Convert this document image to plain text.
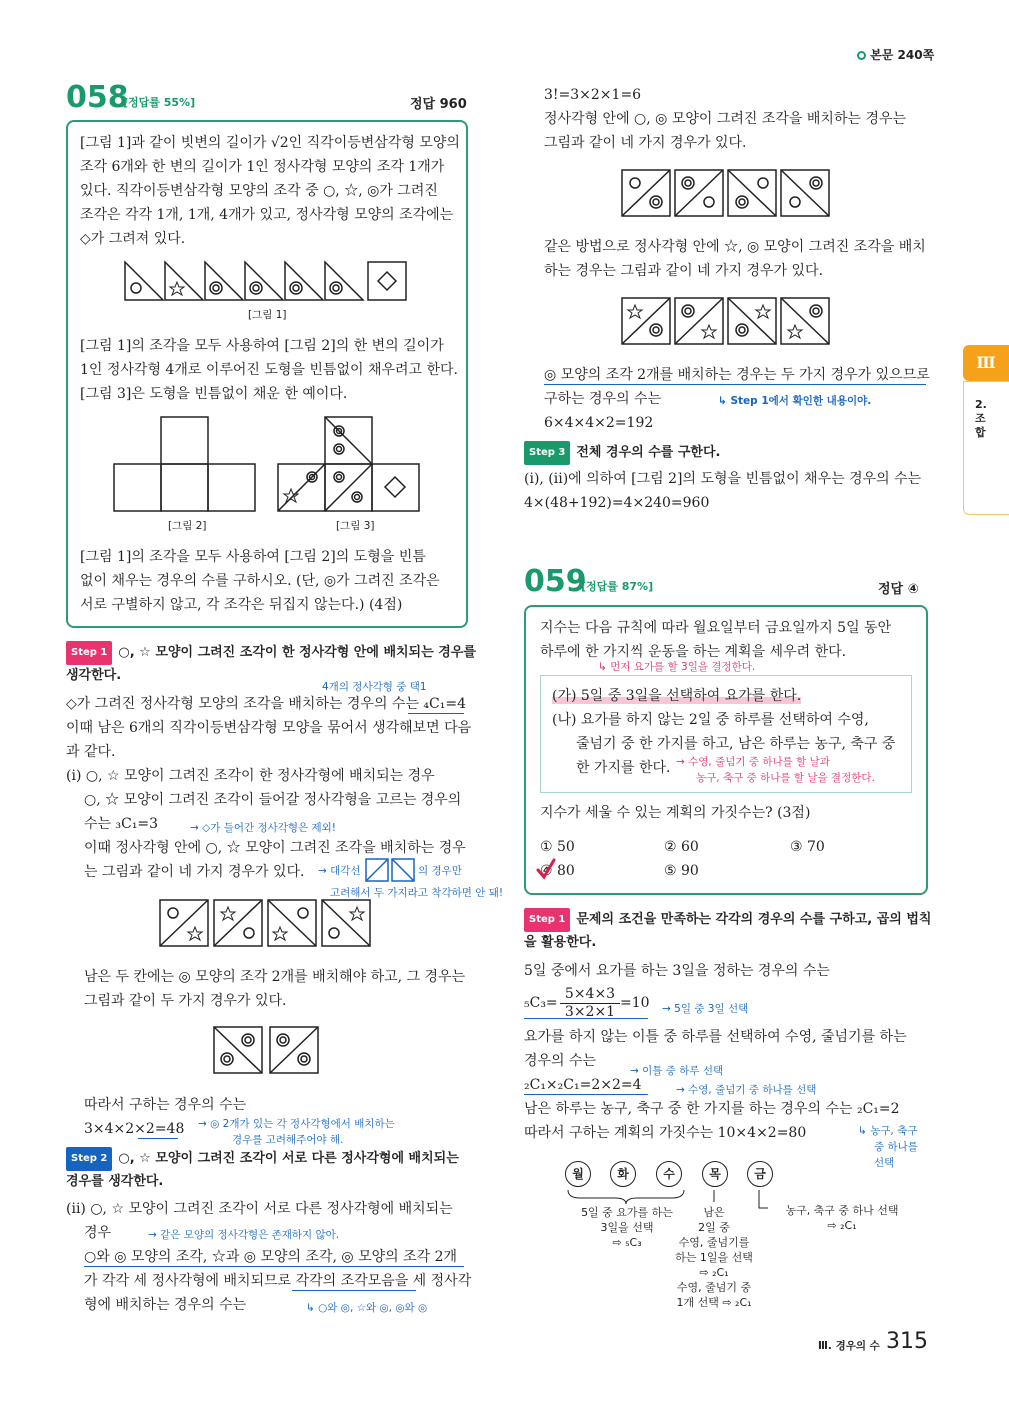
본문 240쪽
Ⅲ
2. 조합
058
[정답률 55%]	정답 960
[그림 1]과 같이 빗변의 길이가 √2인 직각이등변삼각형 모양의
조각 6개와 한 변의 길이가 1인 정사각형 모양의 조각 1개가
있다. 직각이등변삼각형 모양의 조각 중 ○, ☆, ◎가 그려진
조각은 각각 1개, 1개, 4개가 있고, 정사각형 모양의 조각에는
◇가 그려져 있다.
[그림 1]
[그림 1]의 조각을 모두 사용하여 [그림 2]의 한 변의 길이가
1인 정사각형 4개로 이루어진 도형을 빈틈없이 채우려고 한다.
[그림 3]은 도형을 빈틈없이 채운 한 예이다.
[그림 2]	[그림 3]
[그림 1]의 조각을 모두 사용하여 [그림 2]의 도형을 빈틈
없이 채우는 경우의 수를 구하시오. (단, ◎가 그려진 조각은
서로 구별하지 않고, 각 조각은 뒤집지 않는다.) (4점)
Step 1 ○, ☆ 모양이 그려진 조각이 한 정사각형 안에 배치되는 경우를
생각한다.
4개의 정사각형 중 택1
◇가 그려진 정사각형 모양의 조각을 배치하는 경우의 수는 ₄C₁=4
이때 남은 6개의 직각이등변삼각형 모양을 묶어서 생각해보면 다음
과 같다.
(i) ○, ☆ 모양이 그려진 조각이 한 정사각형에 배치되는 경우
○, ☆ 모양이 그려진 조각이 들어갈 정사각형을 고르는 경우의
수는 ₃C₁=3	→ ◇가 들어간 정사각형은 제외!
이때 정사각형 안에 ○, ☆ 모양이 그려진 조각을 배치하는 경우
는 그림과 같이 네 가지 경우가 있다. → 대각선	의 경우만
고려해서 두 가지라고 착각하면 안 돼!
남은 두 칸에는 ◎ 모양의 조각 2개를 배치해야 하고, 그 경우는
그림과 같이 두 가지 경우가 있다.
따라서 구하는 경우의 수는
3×4×2×2=48 → ◎ 2개가 있는 각 정사각형에서 배치하는
경우를 고려해주어야 해.
Step 2 ○, ☆ 모양이 그려진 조각이 서로 다른 정사각형에 배치되는
경우를 생각한다.
(ii) ○, ☆ 모양이 그려진 조각이 서로 다른 정사각형에 배치되는
경우	→ 같은 모양의 정사각형은 존재하지 않아.
○와 ◎ 모양의 조각, ☆과 ◎ 모양의 조각, ◎ 모양의 조각 2개
가 각각 세 정사각형에 배치되므로 각각의 조각모음을 세 정사각
형에 배치하는 경우의 수는	↳ ○와 ◎, ☆와 ◎, ◎와 ◎
3!=3×2×1=6
정사각형 안에 ○, ◎ 모양이 그려진 조각을 배치하는 경우는
그림과 같이 네 가지 경우가 있다.
같은 방법으로 정사각형 안에 ☆, ◎ 모양이 그려진 조각을 배치
하는 경우는 그림과 같이 네 가지 경우가 있다.
◎ 모양의 조각 2개를 배치하는 경우는 두 가지 경우가 있으므로
구하는 경우의 수는	↳ Step 1에서 확인한 내용이야.
6×4×4×2=192
Step 3 전체 경우의 수를 구한다.
(i), (ii)에 의하여 [그림 2]의 도형을 빈틈없이 채우는 경우의 수는
4×(48+192)=4×240=960
059
[정답률 87%]	정답 ④
지수는 다음 규칙에 따라 월요일부터 금요일까지 5일 동안
하루에 한 가지씩 운동을 하는 계획을 세우려 한다.
↳ 먼저 요가를 할 3일을 결정한다.
(가) 5일 중 3일을 선택하여 요가를 한다.
(나) 요가를 하지 않는 2일 중 하루를 선택하여 수영,
줄넘기 중 한 가지를 하고, 남은 하루는 농구, 축구 중
한 가지를 한다. → 수영, 줄넘기 중 하나를 할 날과
농구, 축구 중 하나를 할 날을 결정한다.
지수가 세울 수 있는 계획의 가짓수는? (3점)
① 50	② 60	③ 70
④ 80	⑤ 90
Step 1 문제의 조건을 만족하는 각각의 경우의 수를 구하고, 곱의 법칙
을 활용한다.
5일 중에서 요가를 하는 3일을 정하는 경우의 수는
$_5C_3= \frac{5\times 4\times 3}{3\times 2\times 1} =10 \to 5$일 중 3일 선택
요가를 하지 않는 이틀 중 하루를 선택하여 수영, 줄넘기를 하는
경우의 수는
→ 이틀 중 하루 선택
₂C₁×₂C₁=2×2=4	→ 수영, 줄넘기 중 하나를 선택
남은 하루는 농구, 축구 중 한 가지를 하는 경우의 수는 ₂C₁=2
따라서 구하는 계획의 가짓수는 10×4×2=80	↳ 농구, 축구
중 하나를
선택
월	화	수	목	금
5일 중 요가를 하는
3일을 선택
⇨ ₅C₃
남은
2일 중
수영, 줄넘기를
하는 1일을 선택
⇨ ₂C₁
수영, 줄넘기 중
1개 선택 ⇨ ₂C₁
농구, 축구 중 하나 선택
⇨ ₂C₁
Ⅲ. 경우의 수 315
